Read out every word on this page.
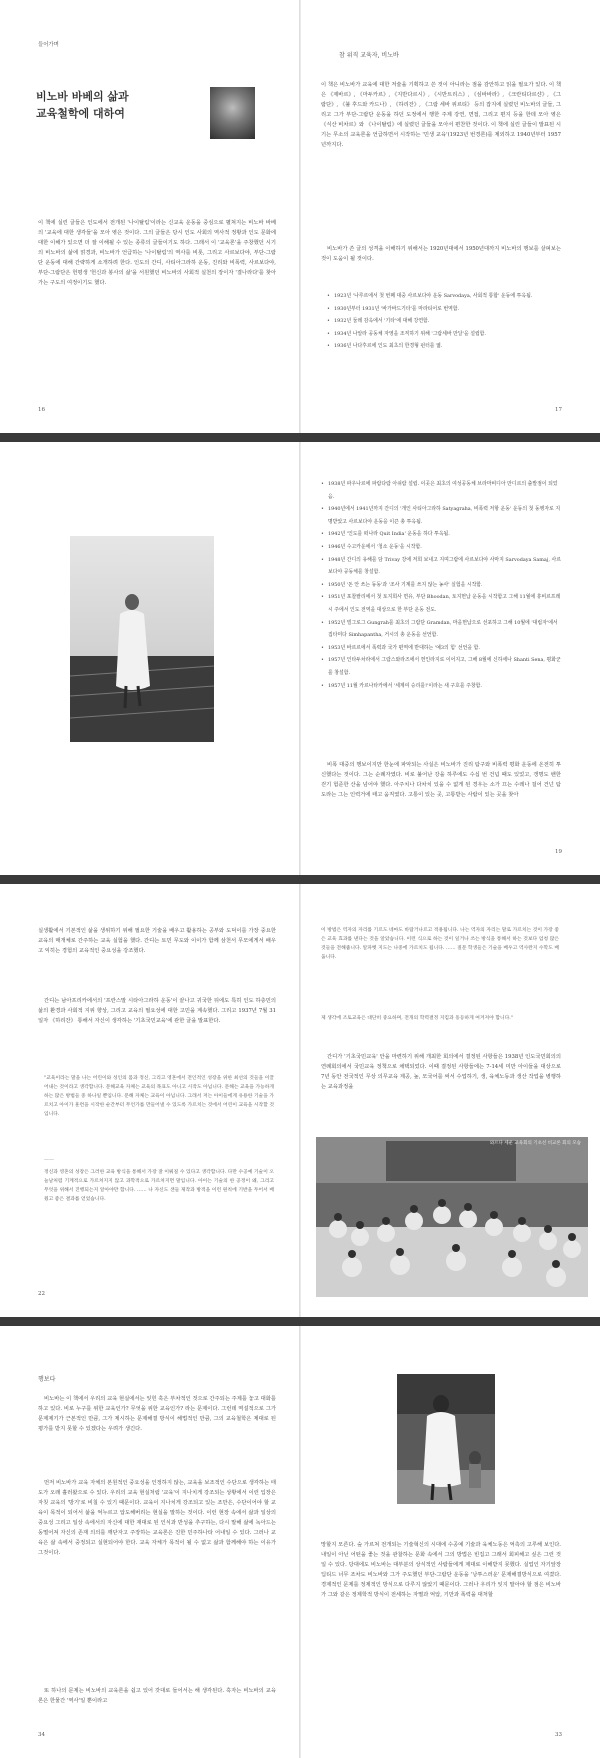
들어가며
비노바 바베의 삶과
교육철학에 대하여

이 책에 실린 글들은 인도에서 전개된 '나이탈림'이라는 신교육 운동을 중심으로 펼쳐지는 비노바 바베의 '교육에 대한 생각들'을 모아 엮은 것이다. 그의 글들은 당시 인도 사회의 역사적 정황과 인도 문화에 대한 이해가 있으면 더 잘 이해될 수 있는 종류의 글들이기도 하다. 그래서 이 '교육론'을 주창했던 시기의 비노바의 삶에 얽경과, 비노바가 언급하는 '나이탈림'의 역사를 비롯, 그리고 사르보다야, 부단-그람단 운동에 대해 간략하게 소개하려 한다. 인도의 간디, 사티아그라하 운동, 진리와 비폭력, 사르보다야, 부단-그람단은 헌평생 '헌신과 봉사의 삶'을 서원했던 비노바의 사회적 실천의 장이자 '결나라다'를 찾아가는 구도의 여정이기도 했다.

16
참 위직 교육자, 비노바

이 책은 비노바가 교육에 대한 저술을 기획하고 쓴 것이 아니라는 점을 감안하고 읽을 필요가 있다. 이 책은 《제바르》, 《마두카르》, 《지반다르시》, 《시반트리스》, 《심바바라》, 《크란티다르샨》, 《그람단》, 《불 후드와 카드나》, 《하리잔》, 《그람 세바 위르티》 등의 잡지에 실렸던 비노바의 글들, 그리고 그가 부단-그람단 운동을 하던 도정에서 행한 주제 강연, 면접, 그리고 편지 등을 한데 모아 엮은 《식산 비차르》와 《나이탈림》에 실렸던 글들을 모아서 편찬한 것이다. 이 책에 실린 글들이 발표된 시기는 무소의 교육론을 언급하면서 시작하는 '민생 교육'(1923년 번경론)를 제외하고 1940년부터 1957년까지다.

비노바가 쓴 글의 성격을 이해하기 위해서는 1920년대에서 1950년대까지 비노바의 행보를 살펴보는 것이 도움이 될 것이다.

• 1923년 '나루르에서 첫 번째 대중 사르보다야 운동 Sarvodaya, 사회적 통합' 운동에 투옥됨.
• 1930년부터 1931년 '바가바드기타'를 마라티어로 번역함.
• 1932년 둘레 감옥에서 '기타'에 대해 강연함.
• 1934년 나알라 공동체 자영을 조직하기 위해 '그람세바 만달'을 설립함.
• 1936년 나다후르에 인도 최초의 한경형 펀터를 엶.
17
• 1938년 파우나르에 파람다람 아쉬람 설립. 이곳은 최초의 여성공동체 브라마비디아 만디르의 출발점이 되었음.
• 1940년에서 1941년까지 간디의 '개인 사티아그라하 Satyagraha, 비폭력 저항 운동' 운동의 첫 동행자로 지명받았고 사르보다야 운동을 이끈 총 투옥됨.
• 1942년 '인도를 떠나라 Quit India' 운동을 하다 투옥됨.
• 1946년 수고카운에서 '청소 운동'을 시작함.
• 1948년 간디의 유해를 담 Trivay 강에 저희 보내고 지며그람에 사르보다야 사마지 Sarvodaya Samaj, 사르보다야 공동체를 창설함.
• 1950년 '돈 안 쓰는 동동'과 '조사 기계를 쓰지 않는 농사' 실험을 시작함.
• 1951년 포찰팔리에서 첫 토지희사 면유, 부단 Bhoodan, 토지헌납 운동을 시작함고 그해 11월에 휴비르프레시 주에서 인도 전역을 대상으로 한 부단 운동 전도.
• 1952년 빌그로그 Gungrah를 최초의 그람단 Gramdan, 마을헌납으로 선포하고 그해 10월에 '대립자'에서 집타미다 Simhapantha, 거시의 총 운동을 선언함.
• 1953년 바르르에서 폭력과 국가 편역에 반대하는 '예3의 힘' 선언을 함.
• 1957년 인타두차라에서 그람스와라즈에서 헌인라지로 이어지고, 그해 8월에 신하세나 Shanti Sena, 평화군 를 창설함.
• 1957년 11월 카르나타카에서 '세계여 승리를!'이라는 새 구호를 주창함.

비폭 대중의 행보이지만 한눈에 파악되는 사실은 비노바가 진리 탐구와 비폭력 평화 운동에 온전히 투신했다는 것이다. 그는 순례자였다. 비로 불어난 강을 하루에도 수십 번 건넙 때도 있었고, 갱명도 밴한 걷기 험준한 산을 넘어야 했다. 아주치나 다차치 있을 수 없게 된 경우는 소가 끄는 수레나 걸어 건넌 탐도라는 그는 인력거에 태고 움직였다. 고통이 있는 곳, 고통받는 사람이 있는 곳을 찾아

19

실생활에서 기본적인 삶을 생위하기 위해 필요한 기술을 배우고 활용하는 공부와 도덕이를 가장 중요한 교육의 매개체로 간주하는 교육 실험을 했다. 간디는 토민 무도와 이이가 함께 삼천서 무모에게서 배우고 익히는 경험의 교육적인 중요성을 강조했다.

간디는 남아프리카에서의 '프란스말 시타아그라하 운동'이 끝나고 귀국한 뒤에도 특히 인도 하층민의 삶의 환경과 사회적 지위 향상, 그리고 교육의 필요성에 대한 고민을 계속했다. 그리고 1937년 7월 31일자 《하리잔》 통해서 자신이 생각하는 '기초국민교육'에 관한 글을 발표한다.

"교육이라는 말을 나는 어린이와 성인의 몸과 정신, 그리고 영혼에서 전인적인 성장을 위한 최선의 것들을 이끌어내는 것이라고 생각합니다. 문해교육 자체는 교육의 목표도 아니고 시작도 아닙니다. 문해는 교육을 가능하게 하는 많은 방법들 중 하나일 뿐입니다. 문해 자체는 교육이 아닙니다. 그래서 저는 아이들에게 유용한 기술을 가르치고 아이가 훈련을 시작한 순간부터 무언가를 만들어낼 수 있도록 가르치는 것에서 어린이 교육을 시작할 것입니다.

——

정신과 영혼의 성장은 그러한 교육 방식을 통해서 가장 잘 이뤄질 수 있다고 생각합니다. 다만 수공예 기술이 오늘날처럼 기계적으로 가르쳐지지 않고 과학적으로 가르쳐지면 말입니다. 아이는 기술의 한 공정이 왜, 그리고 무엇을 위해서 진행되는지 알아야만 합니다. …… 나 자신도 샌들 제작과 방적을 이런 원칙에 기반을 두어서 배웠고 좋은 결과를 얻었습니다.

22

이 방법은 역자의 자리를 기르도 네마도 바랍거나르고 적용됩니다. 나는 역자의 자리는 말로 가르치는 것이 가장 좋은 교육 효과를 낸다는 것을 알았습니다. 이런 식으로 하는 것이 일거나 쓰는 방식을 통해서 하는 것보다 엄청 많은 것들을 전해줍니다. 알파벳 지도는 나중에 가르치도 됩니다. …… 질문 학생들은 기술을 배우고 역사완지 수학도 배웁니다.

제 생각에 조토교육은 대단히 중요하며, 전개의 학력결정 지킴과 동등하게 여겨져야 합니다."

간디가 '기초국민교육' 안을 마련하기 위해 개최한 회의에서 결정된 사항들은 1938년 인도국민회의의 연례회의에서 국민교육 정책으로 채택되었다. 이때 결정된 사항들에는 7-14세 미만 아이들을 대상으로 7년 동안 전국적인 무상 의무교육 제공, 높, 모국어를 써서 수업하기, 생, 육체노동과 생산 작업을 병행하는 교육과정을

와르다 세운 교육회의 기초선 비교론 회의 모습
행보다

비노바는 이 책에서 우리의 교육 현실에서는 잊힌 혹은 부차적인 것으로 간주되는 주제를 놓고 대화를 하고 있다. 비로 누구를 위한 교육인가? 무엇을 위한 교육인가? 라는 문제이다. 그런데 역설적으로 그가 문제제기가 근본적인 만큼, 그가 제시하는 문제해결 방식이 해법적인 만큼, 그의 교육철학은 제대로 된 평가를 받지 못할 수 있겠다는 우려가 생긴다.

먼저 비노바가 교육 자체의 본원적인 중요성을 인정하지 않는, 교육을 보조적인 수단으로 생각하는 태도가 오래 흘러왔으로 수 있다. 우리의 교육 현실처럼 '교육'이 지나치게 강조되는 상황에서 이런 입장은 자칫 교육의 '방기'로 비칠 수 있기 때문이다. 교육이 지나치게 강조되고 있는 조만은, 수단이어야 할 교육이 목적이 되어서 삶을 억누르고 압도해버리는 현실을 말하는 것이다. 이런 현장 속에서 삶과 일상의 중요성 그리고 일상 속에서의 자신에 대한 재대로 된 인식과 반성을 추구하는, 다시 말해 삶에 녹아드는 동떨어져 자신의 존재 의의를 깨닫자고 주장하는 교육론은 진한 민주하나타 어내일 수 있다. 그러나 교육은 삶 속에서 중정되고 실현되어야 한다. 교육 자체가 목적이 될 수 없고 삶과 함께해야 하는 이유가 그것이다.

또 하나의 문제는 비노바의 교육론을 쉽고 있어 갓대로 들어서는 해 생각된다. 혹자는 비노바의 교육론은 한물간 '역사'일 뿐이라고

34

망할지 모른다. 숲 가르쳐 전개되는 기술혁신의 시대에 수공예 기술과 육체노동은 억측의 고루해 보인다. 내일이 아닌 어떤을 좋는 것을 관찰하는 문화 속에서 그의 방법은 빈집고 그래서 회피해고 싶은 그런 것일 수 있다. 당대에도 비노바는 대부분의 상식적인 사람들에게 제대로 이해받지 못했다. 실업인 자기앞장 딥티드 너무 조차도 비노바와 그가 주도했던 부단-그람단 운동을 '낭투스러운' 문제해결방식으로 여겼다. 경제적인 문제를 정제적인 방식으로 다루지 않았기 때문이다. 그러나 우리가 잊지 말아야 할 점은 비노바가 그와 같은 정제학적 방식이 전세하는 자멸과 억압, 기만과 폭력을 대처할

33
